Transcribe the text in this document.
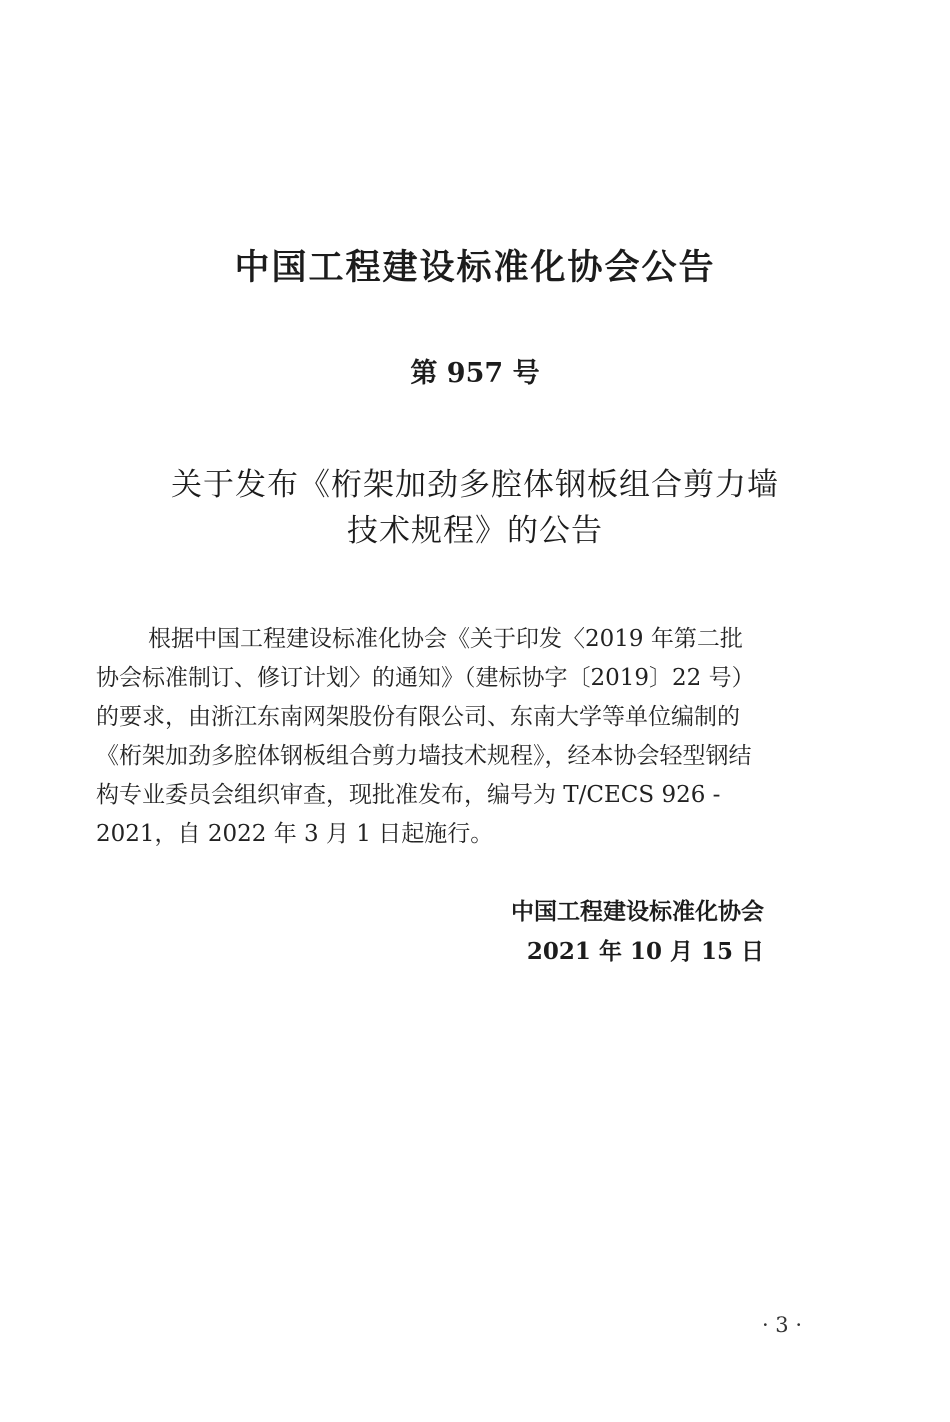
中国工程建设标准化协会公告
第 957 号
关于发布《桁架加劲多腔体钢板组合剪力墙
技术规程》的公告
根据中国工程建设标准化协会《关于印发〈2019 年第二批
协会标准制订、修订计划〉的通知》（建标协字〔2019〕22 号）
的要求，由浙江东南网架股份有限公司、东南大学等单位编制的
《桁架加劲多腔体钢板组合剪力墙技术规程》，经本协会轻型钢结
构专业委员会组织审查，现批准发布，编号为 T/CECS 926 -
2021，自 2022 年 3 月 1 日起施行。
中国工程建设标准化协会
2021 年 10 月 15 日
· 3 ·
